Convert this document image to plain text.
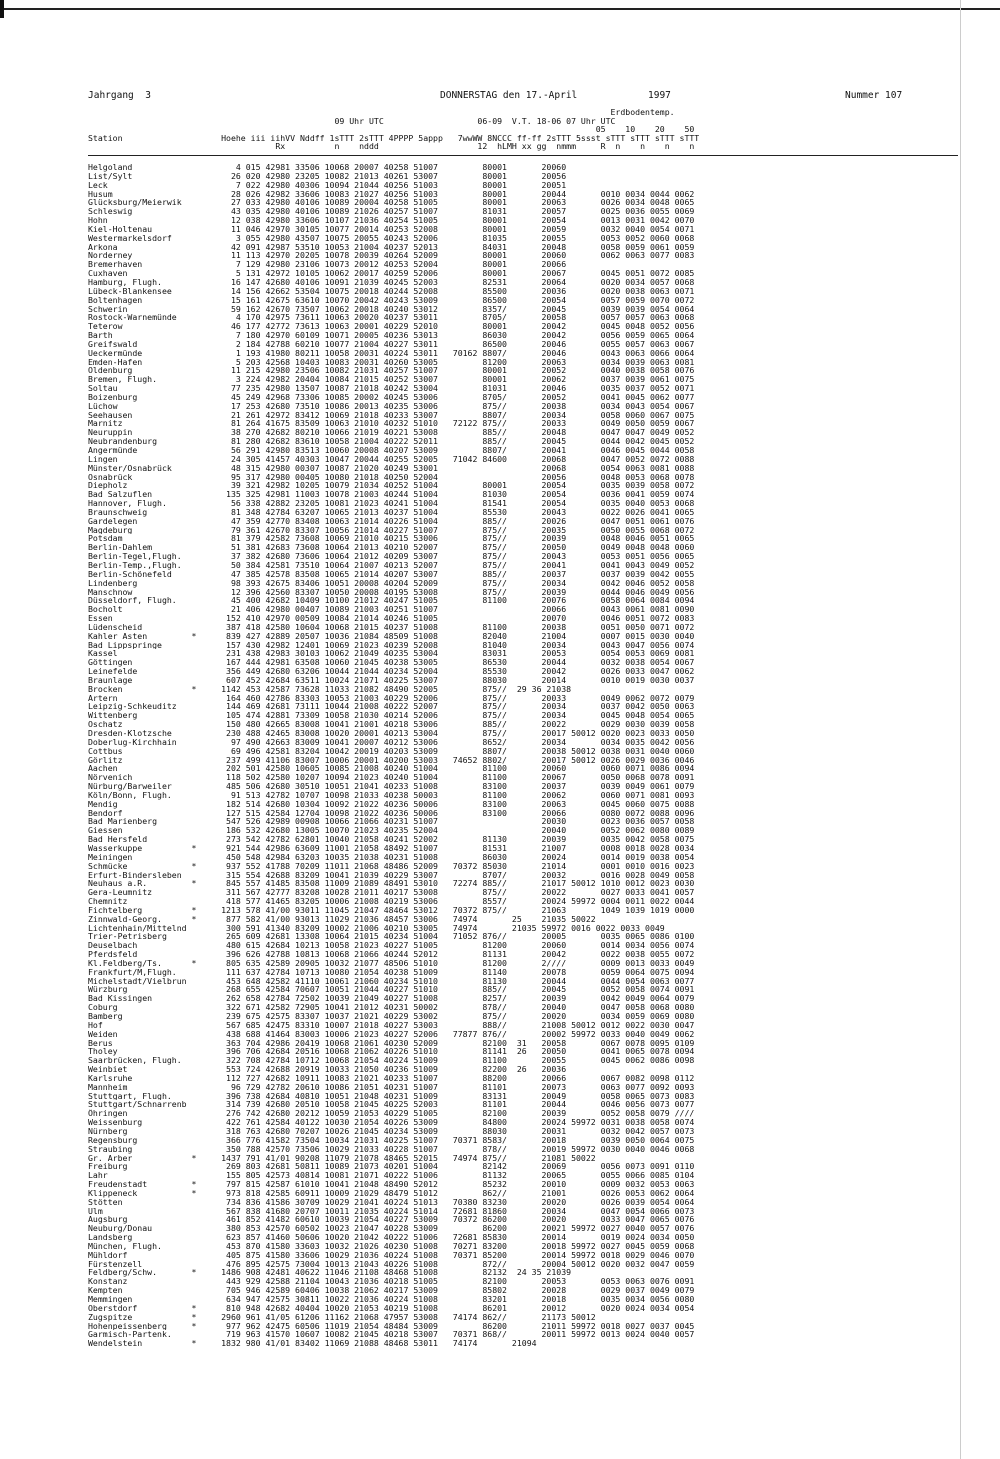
Jahrgang  3	DONNERSTAG den 17.-April	1997	Nummer 107
Erdbodentemp.
09 Uhr UTC                   06-09  V.T. 18-06 07 Uhr UTC
05    10    20    50
Station                    Hoehe iii iihVV Nddff 1sTTT 2sTTT 4PPPP 5appp   7wwWW 8NCCC ff-ff 2sTTT 5ssst sTTT sTTT sTTT sTTT
Rx          n    nddd                    12  hLMH xx gg  nmmm     R  n    n    n    n
Helgoland                     4 015 42981 33506 10068 20007 40258 51007         80001       20060
List/Sylt                    26 020 42980 23205 10082 21013 40261 53007         80001       20056
Leck                          7 022 42980 40306 10094 21044 40256 51003         80001       20051
Husum                        28 026 42982 33606 10083 21027 40256 51003         80001       20044       0010 0034 0044 0062
Glücksburg/Meierwik          27 033 42980 40106 10089 20004 40258 51005         80001       20063       0026 0034 0048 0065
Schleswig                    43 035 42980 40106 10089 21026 40257 51007         81031       20057       0025 0036 0055 0069
Hohn                         12 038 42980 33606 10107 21036 40254 51005         80001       20054       0013 0031 0042 0070
Kiel-Holtenau                11 046 42970 30105 10077 20014 40253 52008         80001       20059       0032 0040 0054 0071
Westermarkelsdorf             3 055 42980 43507 10075 20055 40243 52006         81035       20055       0053 0052 0060 0068
Arkona                       42 091 42987 53510 10053 21004 40237 52013         84031       20048       0058 0059 0061 0059
Norderney                    11 113 42970 20205 10078 20039 40264 52009         80001       20060       0062 0063 0077 0083
Bremerhaven                   7 129 42980 23106 10073 20012 40253 52004         80001       20066
Cuxhaven                      5 131 42972 10105 10062 20017 40259 52006         80001       20067       0045 0051 0072 0085
Hamburg, Flugh.              16 147 42680 40106 10091 21039 40245 52003         82531       20064       0020 0034 0057 0068
Lübeck-Blankensee            14 156 42662 53504 10075 20018 40244 52008         85500       20036       0020 0038 0063 0071
Boltenhagen                  15 161 42675 63610 10070 20042 40243 53009         86500       20054       0057 0059 0070 0072
Schwerin                     59 162 42670 73507 10062 20018 40240 53012         8357/       20045       0039 0039 0054 0064
Rostock-Warnemünde            4 170 42975 73611 10063 20020 40237 53011         8705/       20058       0057 0057 0063 0068
Teterow                      46 177 42772 73613 10063 20001 40229 52010         80001       20042       0045 0048 0052 0056
Barth                         7 180 42970 60109 10071 20005 40236 53013         86030       20042       0056 0059 0065 0064
Greifswald                    2 184 42788 60210 10077 21004 40227 53011         86500       20046       0055 0057 0063 0067
Ueckermünde                   1 193 41980 80211 10058 20031 40224 53011   70162 8807/       20046       0043 0063 0066 0064
Emden-Hafen                   5 203 42568 10403 10083 20031 40260 53005         81200       20063       0034 0039 0063 0081
Oldenburg                    11 215 42980 23506 10082 21031 40257 51007         80001       20052       0040 0038 0058 0076
Bremen, Flugh.                3 224 42982 20404 10084 21015 40252 53007         80001       20062       0037 0039 0061 0075
Soltau                       77 235 42980 13507 10087 21018 40242 53004         81031       20046       0035 0037 0052 0071
Boizenburg                   45 249 42968 73306 10085 20002 40245 53006         8705/       20052       0041 0045 0062 0077
Lüchow                       17 253 42680 73510 10086 20013 40235 53006         875//       20038       0034 0043 0054 0067
Seehausen                    21 261 42972 83412 10069 21018 40233 53007         8807/       20034       0058 0060 0067 0075
Marnitz                      81 264 41675 83509 10063 21010 40232 51010   72122 875//       20033       0049 0050 0059 0067
Neuruppin                    38 270 42682 80210 10066 21019 40221 53008         885//       20048       0047 0047 0049 0052
Neubrandenburg               81 280 42682 83610 10058 21004 40222 52011         885//       20045       0044 0042 0045 0052
Angermünde                   56 291 42980 83513 10060 20008 40207 53009         8807/       20041       0046 0045 0044 0058
Lingen                       24 305 41457 40303 10047 20044 40255 52005   71042 84600       20068       0047 0052 0072 0088
Münster/Osnabrück            48 315 42980 00307 10087 21020 40249 53001                     20068       0054 0063 0081 0088
Osnabrück                    95 317 42980 00405 10080 21018 40250 52004                     20056       0048 0053 0068 0078
Diepholz                     39 321 42982 10205 10079 21034 40252 51004         80001       20054       0035 0039 0058 0072
Bad Salzuflen               135 325 42981 11003 10078 21003 40244 51004         81030       20054       0036 0041 0059 0074
Hannover, Flugh.             56 338 42882 23205 10081 21023 40241 51004         81541       20054       0035 0040 0053 0068
Braunschweig                 81 348 42784 63207 10065 21013 40237 51004         85530       20043       0022 0026 0041 0065
Gardelegen                   47 359 42770 83408 10063 21014 40226 51004         885//       20026       0047 0051 0061 0076
Magdeburg                    79 361 42670 83307 10056 21014 40227 51007         875//       20035       0050 0055 0068 0072
Potsdam                      81 379 42582 73608 10069 21010 40215 53006         875//       20039       0048 0046 0051 0065
Berlin-Dahlem                51 381 42683 73608 10064 21013 40210 52007         875//       20050       0049 0048 0048 0060
Berlin-Tegel,Flugh.          37 382 42680 73606 10064 21012 40209 53007         875//       20043       0053 0051 0056 0065
Berlin-Temp.,Flugh.          50 384 42581 73510 10064 21007 40213 52007         875//       20041       0041 0043 0049 0052
Berlin-Schönefeld            47 385 42578 83508 10065 21014 40207 53007         885//       20037       0037 0039 0042 0055
Lindenberg                   98 393 42675 83406 10051 20008 40204 52009         875//       20034       0042 0046 0052 0058
Manschnow                    12 396 42560 83307 10050 20008 40195 53008         875//       20039       0044 0046 0049 0056
Düsseldorf, Flugh.           45 400 42682 10409 10100 21012 40247 51005         81100       20076       0058 0064 0084 0094
Bocholt                      21 406 42980 00407 10089 21003 40251 51007                     20066       0043 0061 0081 0090
Essen                       152 410 42970 00509 10084 21014 40246 51005                     20070       0046 0051 0072 0083
Lüdenscheid                 387 418 42580 10604 10068 21015 40237 51008         81100       20038       0051 0050 0071 0072
Kahler Asten         *      839 427 42889 20507 10036 21084 48509 51008         82040       21004       0007 0015 0030 0040
Bad Lippspringe             157 430 42982 12401 10069 21023 40239 52008         81040       20034       0043 0047 0056 0074
Kassel                      231 438 42983 30103 10062 21049 40235 53004         83031       20053       0054 0053 0069 0081
Göttingen                   167 444 42981 63508 10060 21045 40238 53005         86530       20044       0032 0038 0054 0067
Leinefelde                  356 449 42680 63206 10044 21044 40234 52004         85530       20042       0026 0033 0047 0062
Braunlage                   607 452 42684 63511 10024 21071 40225 53007         88030       20014       0010 0019 0030 0037
Brocken              *     1142 453 42587 73628 11033 21082 48490 52005         875//  29 36 21038
Artern                      164 460 42786 83303 10053 21003 40229 52006         875//       20033       0049 0062 0072 0079
Leipzig-Schkeuditz          144 469 42681 73111 10044 21008 40222 52007         875//       20034       0037 0042 0050 0063
Wittenberg                  105 474 42881 73309 10058 21030 40214 52006         875//       20034       0045 0048 0054 0065
Oschatz                     150 480 42665 83008 10041 21001 40218 53006         885//       20022       0029 0030 0039 0058
Dresden-Klotzsche           230 488 42465 83008 10020 20001 40213 53004         875//       20017 50012 0020 0023 0033 0050
Doberlug-Kirchhain           97 490 42663 83009 10041 20007 40212 53006         8652/       20034       0034 0035 0042 0056
Cottbus                      69 496 42581 83204 10042 20019 40203 53009         8807/       20038 50012 0038 0031 0040 0060
Görlitz                     237 499 41106 83007 10006 20001 40200 53003   74652 8802/       20017 50012 0026 0029 0036 0046
Aachen                      202 501 42580 10605 10085 21008 40240 51004         81100       20060       0060 0071 0086 0094
Nörvenich                   118 502 42580 10207 10094 21023 40240 51004         81100       20067       0050 0068 0078 0091
Nürburg/Barweiler           485 506 42680 30510 10051 21041 40233 51008         83100       20037       0039 0049 0061 0079
Köln/Bonn, Flugh.            91 513 42782 10707 10098 21033 40238 50003         81100       20062       0060 0071 0081 0093
Mendig                      182 514 42680 10304 10092 21022 40236 50006         83100       20063       0045 0060 0075 0088
Bendorf                     127 515 42584 12704 10098 21022 40236 50006         83100       20066       0080 0072 0088 0096
Bad Marienberg              547 526 42989 00908 10066 21066 40231 51007                     20030       0023 0036 0057 0058
Giessen                     186 532 42680 13005 10070 21023 40235 52004                     20040       0052 0062 0080 0089
Bad Hersfeld                273 542 42782 62801 10040 21058 40241 52002         81130       20039       0035 0042 0058 0075
Wasserkuppe          *      921 544 42986 63609 11001 21058 48492 51007         81531       21007       0008 0018 0028 0034
Meiningen                   450 548 42984 63203 10035 21038 40231 51008         86030       20024       0014 0019 0038 0054
Schmücke             *      937 552 41788 70209 11011 21068 48486 52009   70372 85030       21014       0001 0010 0016 0023
Erfurt-Bindersleben         315 554 42688 83209 10041 21039 40229 53007         8707/       20032       0016 0028 0049 0058
Neuhaus a.R.         *      845 557 41485 83508 11009 21089 48491 53010   72274 885//       21017 50012 1010 0012 0023 0030
Gera-Leumnitz               311 567 42777 83208 10028 21011 40217 53008         875//       20022       0027 0033 0041 0057
Chemnitz                    418 577 41465 83205 10006 21008 40219 53006         8557/       20024 59972 0004 0011 0022 0044
Fichtelberg          *     1213 578 41/00 93011 11045 21047 48464 53012   70372 875//       21063       1049 1039 1019 0000
Zinnwald-Georg.      *      877 582 41/00 93013 11029 21036 48457 53006   74974       25    21035 50022
Lichtenhain/Mittelnd        300 591 41340 83209 10002 21006 40210 53005   74974       21035 59972 0016 0022 0033 0049
Trier-Petrisberg            265 609 42681 13308 10064 21015 40234 51004   71052 876//       20005       0035 0065 0086 0100
Deuselbach                  480 615 42684 10213 10058 21023 40227 51005         81200       20060       0014 0034 0056 0074
Pferdsfeld                  396 626 42788 10813 10068 21066 40244 52012         81131       20042       0022 0038 0055 0072
Kl.Feldberg/Ts.      *      805 635 42589 20905 10032 21077 48506 51010         81200       2////       0009 0013 0033 0049
Frankfurt/M,Flugh.          111 637 42784 10713 10080 21054 40238 51009         81140       20078       0059 0064 0075 0094
Michelstadt/Vielbrun        453 648 42582 41110 10061 21060 40234 51010         81130       20044       0044 0054 0063 0077
Würzburg                    268 655 42584 70607 10051 21044 40227 51010         885//       20045       0052 0058 0074 0091
Bad Kissingen               262 658 42784 72502 10039 21049 40227 51008         8257/       20039       0042 0049 0064 0079
Coburg                      322 671 42582 72905 10041 21012 40231 50002         878//       20040       0047 0058 0068 0080
Bamberg                     239 675 42575 83307 10037 21021 40229 53002         875//       20020       0034 0059 0069 0080
Hof                         567 685 42475 83310 10007 21018 40227 53003         888//       21008 50012 0012 0022 0030 0047
Weiden                      438 688 41464 83003 10006 21023 40227 52006   77877 876//       20002 59972 0033 0040 0049 0062
Berus                       363 704 42986 20419 10068 21061 40230 52009         82100  31   20058       0067 0078 0095 0109
Tholey                      396 706 42684 20516 10068 21062 40226 51010         81141  26   20050       0041 0065 0078 0094
Saarbrücken, Flugh.         322 708 42784 10712 10068 21054 40224 51009         81100       20055       0045 0062 0086 0098
Weinbiet                    553 724 42688 20919 10033 21050 40236 51009         82200  26   20036
Karlsruhe                   112 727 42682 10911 10083 21021 40233 51007         88200       20066       0067 0082 0098 0112
Mannheim                     96 729 42782 20610 10086 21051 40231 51007         81101       20073       0063 0077 0092 0093
Stuttgart, Flugh.           396 738 42684 40810 10051 21048 40231 51009         83131       20049       0058 0065 0073 0083
Stuttgart/Schnarrenb        314 739 42680 20510 10058 21045 40225 52003         81101       20044       0046 0056 0073 0077
Öhringen                    276 742 42680 20212 10059 21053 40229 51005         82100       20039       0052 0058 0079 ////
Weissenburg                 422 761 42584 40122 10030 21054 40226 53009         84800       20024 59972 0031 0038 0058 0074
Nürnberg                    318 763 42680 70207 10026 21045 40234 53009         88030       20031       0032 0042 0057 0073
Regensburg                  366 776 41582 73504 10034 21031 40225 51007   70371 8583/       20018       0039 0050 0064 0075
Straubing                   350 788 42570 73506 10029 21033 40228 51007         878//       20019 59972 0030 0040 0046 0068
Gr. Arber            *     1437 791 41/01 90208 11079 21078 48465 52015   74974 875//       21081 50022
Freiburg                    269 803 42681 50811 10089 21073 40201 51004         82142       20069       0056 0073 0091 0110
Lahr                        155 805 42573 40814 10081 21071 40222 51006         81132       20065       0055 0066 0085 0104
Freudenstadt         *      797 815 42587 61010 10041 21048 48490 52012         85232       20010       0009 0032 0053 0063
Klippeneck           *      973 818 42585 60911 10009 21029 48479 51012         862//       21001       0026 0053 0062 0064
Stötten                     734 836 41586 30709 10029 21041 40224 51013   70380 83230       20020       0026 0039 0054 0064
Ulm                         567 838 41680 20707 10011 21035 40224 51014   72681 81860       20034       0047 0054 0066 0073
Augsburg                    461 852 41482 60610 10039 21054 40227 53009   70372 86200       20020       0033 0047 0065 0076
Neuburg/Donau               380 853 42570 60502 10023 21047 40228 53009         86200       20021 59972 0027 0040 0057 0076
Landsberg                   623 857 41460 50606 10020 21042 40222 51006   72681 85830       20014       0019 0024 0034 0050
München, Flugh.             453 870 41580 33603 10032 21026 40230 51008   70271 83200       20018 59972 0027 0045 0059 0068
Mühldorf                    405 875 41580 33606 10029 21036 40224 51008   70371 85200       20014 59972 0018 0029 0046 0070
Fürstenzell                 476 895 42575 73004 10013 21043 40226 51008         872//       20004 50012 0020 0032 0047 0059
Feldberg/Schw.       *     1486 908 42481 40622 11046 21108 48468 51008         82132  24 35 21039
Konstanz                    443 929 42588 21104 10043 21036 40218 51005         82100       20053       0053 0063 0076 0091
Kempten                     705 946 42589 60406 10038 21062 40217 53009         85802       20028       0029 0037 0049 0079
Memmingen                   634 947 42575 30811 10022 21036 40224 51008         83201       20018       0035 0034 0056 0080
Oberstdorf           *      810 948 42682 40404 10020 21053 40219 51008         86201       20012       0020 0024 0034 0054
Zugspitze            *     2960 961 41/05 61206 11162 21068 47957 53008   74174 862//       21173 50012
Hohenpeissenberg     *      977 962 42475 60506 11019 21054 48484 53009         86200       21011 59972 0018 0027 0037 0045
Garmisch-Partenk.           719 963 41570 10607 10082 21045 40218 53007   70371 868//       20011 59972 0013 0024 0040 0057
Wendelstein          *     1832 980 41/01 83402 11069 21088 48468 53011   74174       21094
